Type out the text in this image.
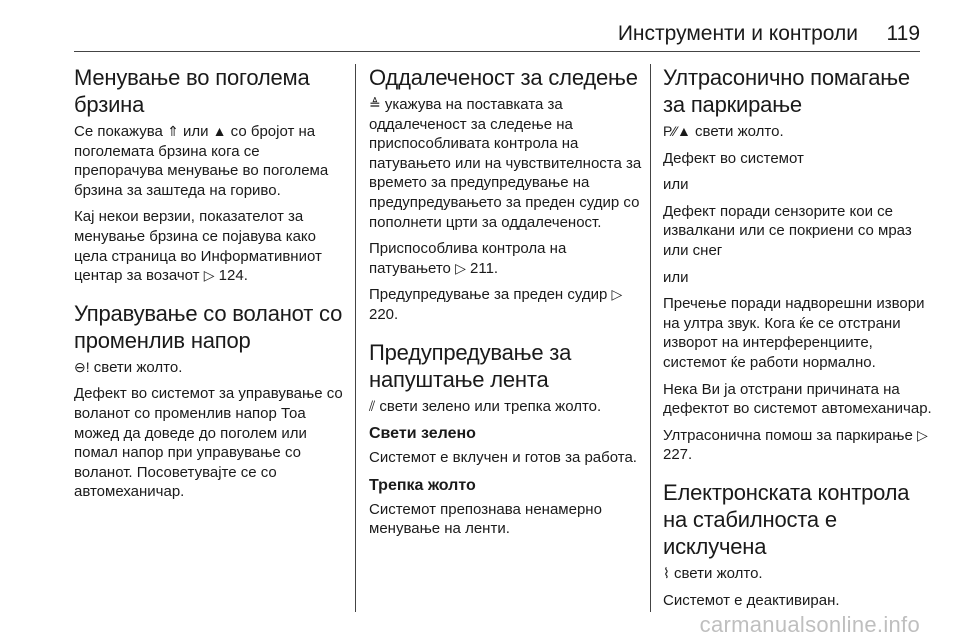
Инструменти и контроли 119
Менување во поголема брзина

Се покажува ⇑ или ▲ со бројот на поголемата брзина кога се препорачува менување во поголема брзина за заштеда на гориво.

Кај некои верзии, показателот за менување брзина се појавува како цела страница во Информативниот центар за возачот ▷ 124.

Управување со воланот со променлив напор

⊖! свети жолто.

Дефект во системот за управување со воланот со променлив напор Тоа можед да доведе до поголем или помал напор при управување со воланот. Посоветувајте се со автомеханичар.

Оддалеченост за следење

≜ укажува на поставката за оддалеченост за следење на приспособливата контрола на патувањето или на чувствителноста за времето за предупредување на предупредувањето за преден судир со пополнети црти за оддалеченост.

Приспособлива контрола на патувањето ▷ 211.

Предупредување за преден судир ▷ 220.

Предупредување за напуштање лента

⫽ свети зелено или трепка жолто.

Свети зелено

Системот е вклучен и готов за работа.

Трепка жолто

Системот препознава ненамерно менување на ленти.

Ултрасонично помагање за паркирање

P⁄⁄▲ свети жолто.

Дефект во системот

или

Дефект поради сензорите кои се извалкани или се покриени со мраз или снег

или

Пречење поради надворешни извори на ултра звук. Кога ќе се отстрани изворот на интерференциите, системот ќе работи нормално.

Нека Ви ја отстрани причината на дефектот во системот автомеханичар.

Ултрасонична помош за паркирање ▷ 227.

Електронската контрола на стабилноста е исклучена

⌇ свети жолто.

Системот е деактивиран.

carmanualsonline.info
